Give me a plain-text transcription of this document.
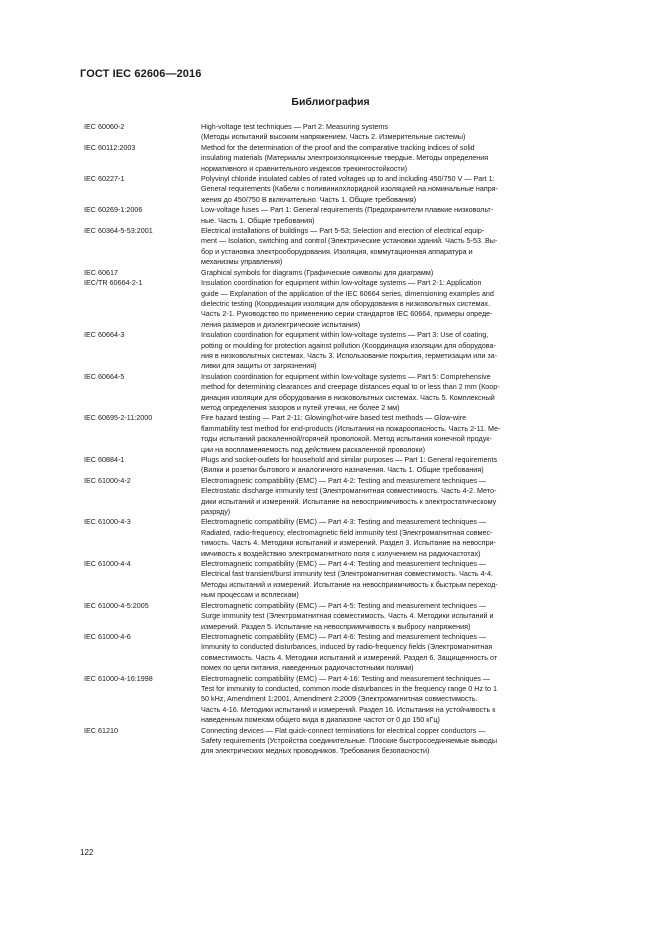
ГОСТ IEC 62606—2016
Библиография
IEC 60060-2	High-voltage test techniques — Part 2: Measuring systems
(Методы испытаний высоким напряжением. Часть 2. Измерительные системы)
IEC 60112:2003	Method for the determination of the proof and the comparative tracking indices of solid
insulating materials (Материалы электроизоляционные твердые. Методы определения
нормативного и сравнительного индексов трекингостойкости)
IEC 60227-1	Polyvinyl chloride insulated cables of rated voltages up to and including 450/750 V — Part 1:
General requirements (Кабели с поливинилхлоридной изоляцией на номинальные напря-
жения до 450/750 В включительно. Часть 1. Общие требования)
IEC 60269-1:2006	Low-voltage fuses — Part 1: General requirements (Предохранители плавкие низковольт-
ные. Часть 1. Общие требования)
IEC 60364-5-53:2001	Electrical installations of buildings — Part 5-53; Selection and erection of electrical equip-
ment — Isolation, switching and control (Электрические установки зданий. Часть 5-53. Вы-
бор и установка электрооборудования. Изоляция, коммутационная аппаратура и
механизмы управления)
IEC 60617	Graphical symbols for diagrams (Графические символы для диаграмм)
IEC/TR 60664-2-1	Insulation coordination for equipment within low-voltage systems — Part 2-1: Application
guide — Explanation of the application of the IEC 60664 series, dimensioning examples and
dielectric testing (Координация изоляции для оборудования в низковольтных системах.
Часть 2-1. Руководство по применению серии стандартов IEC 60664, примеры опреде-
ления размеров и диэлектрические испытания)
IEC 60664-3	Insulation coordination for equipment within low-voltage systems — Part 3: Use of coating,
potting or moulding for protection against pollution (Координация изоляции для оборудова-
ния в низковольтных системах. Часть 3. Использование покрытия, герметизации или за-
ливки для защиты от загрязнения)
IEC 60664-5	Insulation coordination for equipment within low-voltage systems — Part 5: Comprehensive
method for determining clearances and creepage distances equal to or less than 2 mm (Коор-
динация изоляции для оборудования в низковольтных системах. Часть 5. Комплексный
метод определения зазоров и путей утечки, не более 2 мм)
IEC 60695-2-11:2000	Fire hazard testing — Part 2-11: Glowing/hot-wire based test methods — Glow-wire
flammability test method for end-products (Испытания на пожароопасность. Часть 2-11. Ме-
тоды испытаний раскаленной/горячей проволокой. Метод испытания конечной продук-
ции на воспламеняемость под действием раскаленной проволоки)
IEC 60884-1	Plugs and socket-outlets for household and similar purposes — Part 1: General requirements
(Вилки и розетки бытового и аналогичного назначения. Часть 1. Общие требования)
IEC 61000-4-2	Electromagnetic compatibility (EMC) — Part 4-2: Testing and measurement techniques —
Electrostatic discharge immunity test (Электромагнитная совместимость. Часть 4-2. Мето-
дики испытаний и измерений. Испытание на невосприимчивость к электростатическому
разряду)
IEC 61000-4-3	Electromagnetic compatibility (EMC) — Part 4-3: Testing and measurement techniques —
Radiated, radio-frequency, electromagnetic field immunity test (Электромагнитная совмес-
тимость. Часть 4. Методики испытаний и измерений. Раздел 3. Испытание на невоспри-
имчивость к воздействию электромагнитного поля с излучением на радиочастотах)
IEC 61000-4-4	Electromagnetic compatibility (EMC) — Part 4-4: Testing and measurement techniques —
Electrical fast transient/burst immunity test (Электромагнитная совместимость. Часть 4-4.
Методы испытаний и измерений. Испытание на невосприимчивость к быстрым переход-
ным процессам и всплескам)
IEC 61000-4-5:2005	Electromagnetic compatibility (EMC) — Part 4-5: Testing and measurement techniques —
Surge immunity test (Электромагнитная совместимость. Часть 4. Методики испытаний и
измерений. Раздел 5. Испытание на невосприимчивость к выбросу напряжения)
IEC 61000-4-6	Electromagnetic compatibility (EMC) — Part 4-6: Testing and measurement techniques —
Immunity to conducted disturbances, induced by radio-frequency fields (Электромагнитная
совместимость. Часть 4. Методики испытаний и измерений. Раздел 6. Защищенность от
помех по цепи питания, наведенных радиочастотными полями)
IEC 61000-4-16:1998	Electromagnetic compatibility (EMC) — Part 4-16: Testing and measurement techniques —
Test for immunity to conducted, common mode disturbances in the frequency range 0 Hz to 1
50 kHz, Amendment 1:2001, Amendment 2:2009 (Электромагнитная совместимость.
Часть 4-16. Методики испытаний и измерений. Раздел 16. Испытания на устойчивость к
наведенным помехам общего вида в диапазоне частот от 0 до 150 кГц)
IEC 61210	Connecting devices — Flat quick-connect terminations for electrical copper conductors —
Safety requirements (Устройства соединительные. Плоские быстросоединяемые выводы
для электрических медных проводников. Требования безопасности)
122
